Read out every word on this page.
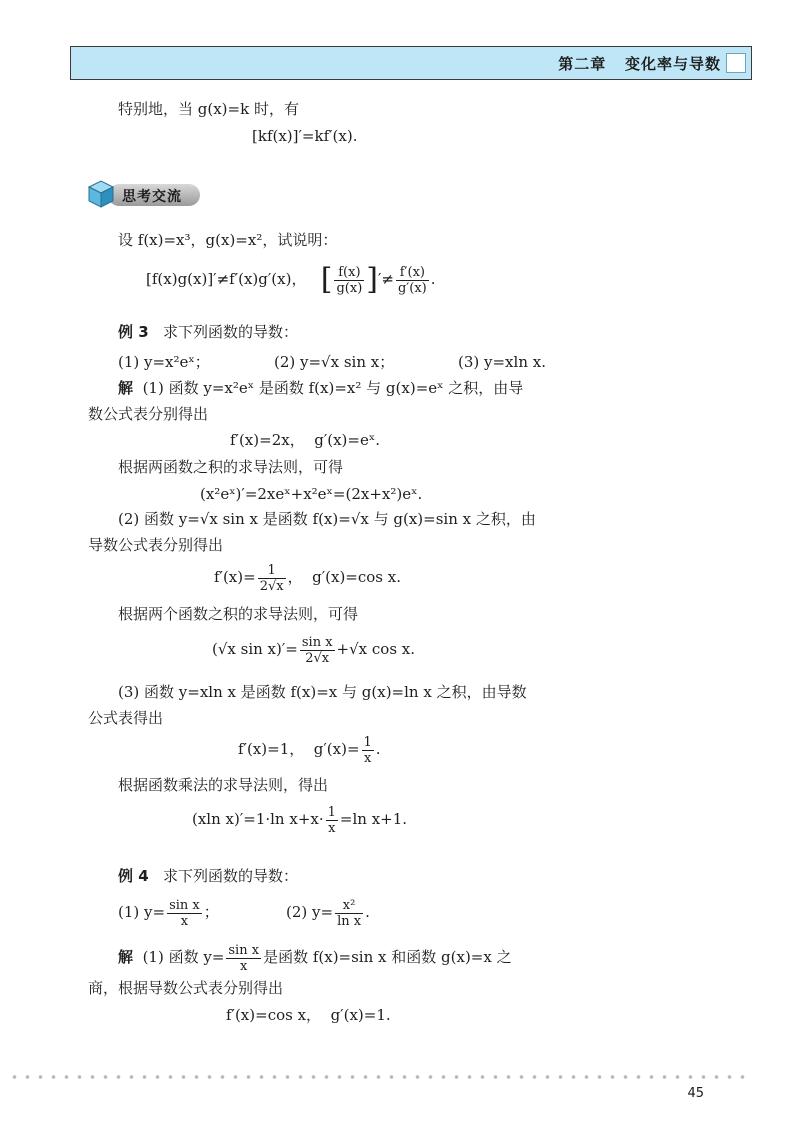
第二章 变化率与导数
特别地，当 g(x)=k 时，有
[kf(x)]′=kf′(x).
思考交流
设 f(x)=x³，g(x)=x²，试说明：
[f(x)g(x)]′≠f′(x)g′(x)， [ $\frac{f(x)}{g(x)}$ ]′≠ $\frac{f'(x)}{g'(x)}$ .
例 3 求下列函数的导数：
(1) y=x²eˣ；	(2) y=√x sin x；	(3) y=xln x.
解 (1) 函数 y=x²eˣ 是函数 f(x)=x² 与 g(x)=eˣ 之积，由导
数公式表分别得出
f′(x)=2x，  g′(x)=eˣ.
根据两函数之积的求导法则，可得
(x²eˣ)′=2xeˣ+x²eˣ=(2x+x²)eˣ.
(2) 函数 y=√x sin x 是函数 f(x)=√x 与 g(x)=sin x 之积，由
导数公式表分别得出
$f'(x)= \frac{1}{2√x}$ ，  g′(x)=cos x.
根据两个函数之积的求导法则，可得
(√x $\sin x)'= \frac{\text{sin x}}{2√x} +√x$ cos x.
(3) 函数 y=xln x 是函数 f(x)=x 与 g(x)=ln x 之积，由导数
公式表得出
f′(x)=1，  $g'(x)= \frac{1}{x}$ .
根据函数乘法的求导法则，得出
(xln x)′=1·ln $x+x\cdot \frac{1}{x} =\ln$ x+1.
例 4 求下列函数的导数：
(1) $y= \frac{\text{sin x}}{x}$ ；	(2) $y= \frac{\text{x²}}{\text{ln x}}$ .
解 (1) 函数 $y= \frac{\text{sin x}}{x}$ 是函数 f(x)=sin x 和函数 g(x)=x 之
商，根据导数公式表分别得出
f′(x)=cos x，  g′(x)=1.
45
